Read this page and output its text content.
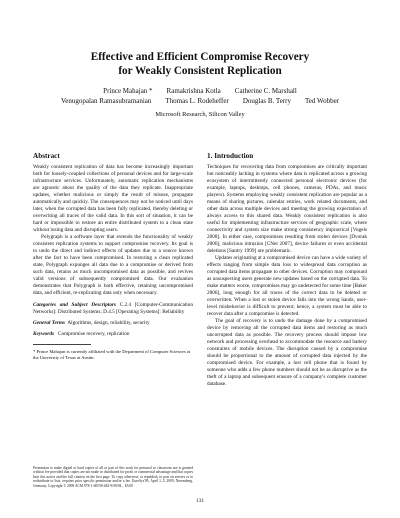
Effective and Efficient Compromise Recovery
for Weakly Consistent Replication
Prince Mahajan * Ramakrishna Kotla Catherine C. Marshall
Venugopalan Ramasubramanian Thomas L. Rodeheffer Douglas B. Terry Ted Wobber
Microsoft Research, Silicon Valley
Abstract

Weakly consistent replication of data has become increasingly important both for loosely-coupled collections of personal devices and for large-scale infrastructure services. Unfortunately, automatic replication mechanisms are agnostic about the quality of the data they replicate. Inappropriate updates, whether malicious or simply the result of misuse, propagate automatically and quickly. The consequences may not be noticed until days later, when the corrupted data has been fully replicated, thereby deleting or overwriting all traces of the valid data. In this sort of situation, it can be hard or impossible to restore an entire distributed system to a clean state without losing data and disrupting users.

Polygraph is a software layer that extends the functionality of weakly consistent replication systems to support compromise recovery. Its goal is to undo the direct and indirect effects of updates due to a source known after the fact to have been compromised. In restoring a clean replicated state, Polygraph expunges all data due to a compromise or derived from such data, retains as much uncompromised data as possible, and revives valid versions of subsequently compromised data. Our evaluation demonstrates that Polygraph is both effective, retaining uncompromised data, and efficient, re-replicating data only when necessary.

Categories and Subject Descriptors C.2.4 [Computer-Communication Networks]: Distributed Systems; D.4.5 [Operating Systems]: Reliability

General Terms Algorithms, design, reliability, security

Keywords Compromise recovery, replication

* Prince Mahajan is currently affiliated with the Department of Computer Sciences at the University of Texas at Austin.
Permission to make digital or hard copies of all or part of this work for personal or classroom use is granted without fee provided that copies are not made or distributed for profit or commercial advantage and that copies bear this notice and the full citation on the first page. To copy otherwise, to republish, to post on servers or to redistribute to lists, requires prior specific permission and/or a fee. EuroSys'09, April 1–3, 2009, Nuremberg, Germany. Copyright © 2009 ACM 978-1-60558-482-9/09/04... $5.00
1. Introduction

Techniques for recovering data from compromises are critically important but noticeably lacking in systems where data is replicated across a growing ecosystem of intermittently connected personal electronic devices (for example, laptops, desktops, cell phones, cameras, PDAs, and music players). Systems employing weakly consistent replication are popular as a means of sharing pictures, calendar entries, work related documents, and other data across multiple devices and meeting the growing expectation of always access to this shared data. Weakly consistent replication is also useful for implementing infrastructure services of geographic scale, where connectivity and system size make strong consistency impractical [Vogels 2008]. In either case, compromises resulting from stolen devices [Dvorak 2006], malicious intrusion [CNet 2007], device failures or even accidental deletions [Santry 1999] are problematic.

Updates originating at a compromised device can have a wide variety of effects ranging from simple data loss to widespread data corruption as corrupted data items propagate to other devices. Corruption may compound as unsuspecting users generate new updates based on the corrupted data. To make matters worse, compromises may go undetected for some time [Baker 2006], long enough for all traces of the correct data to be deleted or overwritten. When a lost or stolen device falls into the wrong hands, user-level misbehavior is difficult to prevent; hence, a system must be able to recover data after a compromise is detected.

The goal of recovery is to undo the damage done by a compromised device by removing all the corrupted data items and restoring as much uncorrupted data as possible. The recovery process should impose low network and processing overhead to accommodate the resource and battery constraints of mobile devices. The disruption caused by a compromise should be proportional to the amount of corrupted data injected by the compromised device. For example, a lost cell phone that is found by someone who adds a few phone numbers should not be as disruptive as the theft of a laptop and subsequent erasure of a company's complete customer database.

131
